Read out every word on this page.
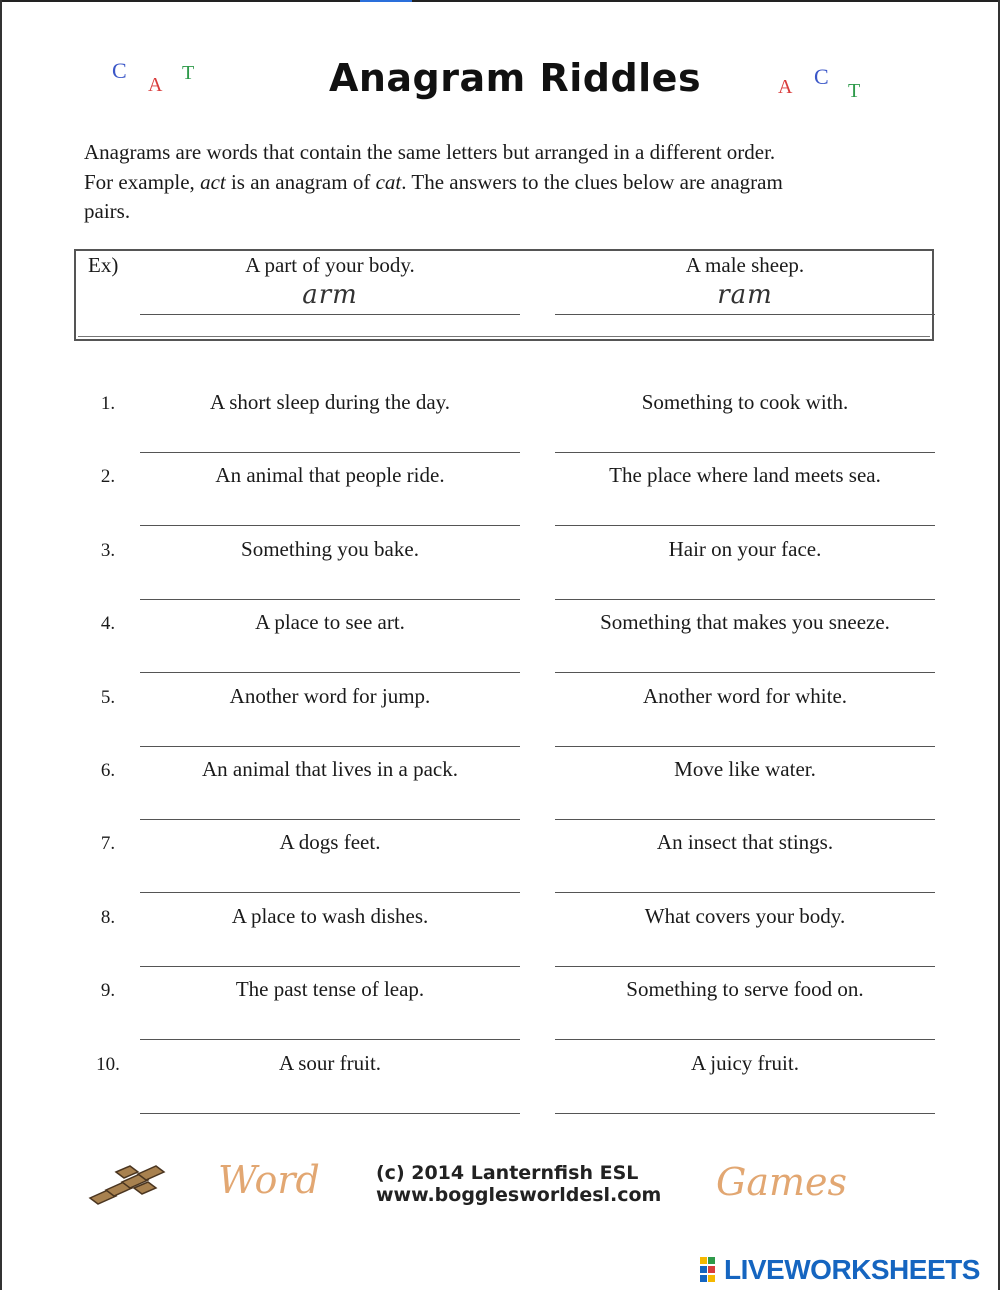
C
A
T
A C
T
Anagram Riddles
Anagrams are words that contain the same letters but arranged in a different order.
For example, act is an anagram of cat. The answers to the clues below are anagram
pairs.
Ex)	A part of your body.	A male sheep.
arm	ram
1.	A short sleep during the day.	Something to cook with.
2.	An animal that people ride.	The place where land meets sea.
3.	Something you bake.	Hair on your face.
4.	A place to see art.	Something that makes you sneeze.
5.	Another word for jump.	Another word for white.
6.	An animal that lives in a pack.	Move like water.
7.	A dogs feet.	An insect that stings.
8.	A place to wash dishes.	What covers your body.
9.	The past tense of leap.	Something to serve food on.
10.	A sour fruit.	A juicy fruit.
Word	(c) 2014 Lanternfish ESL
www.bogglesworldesl.com Games
LIVEWORKSHEETS
